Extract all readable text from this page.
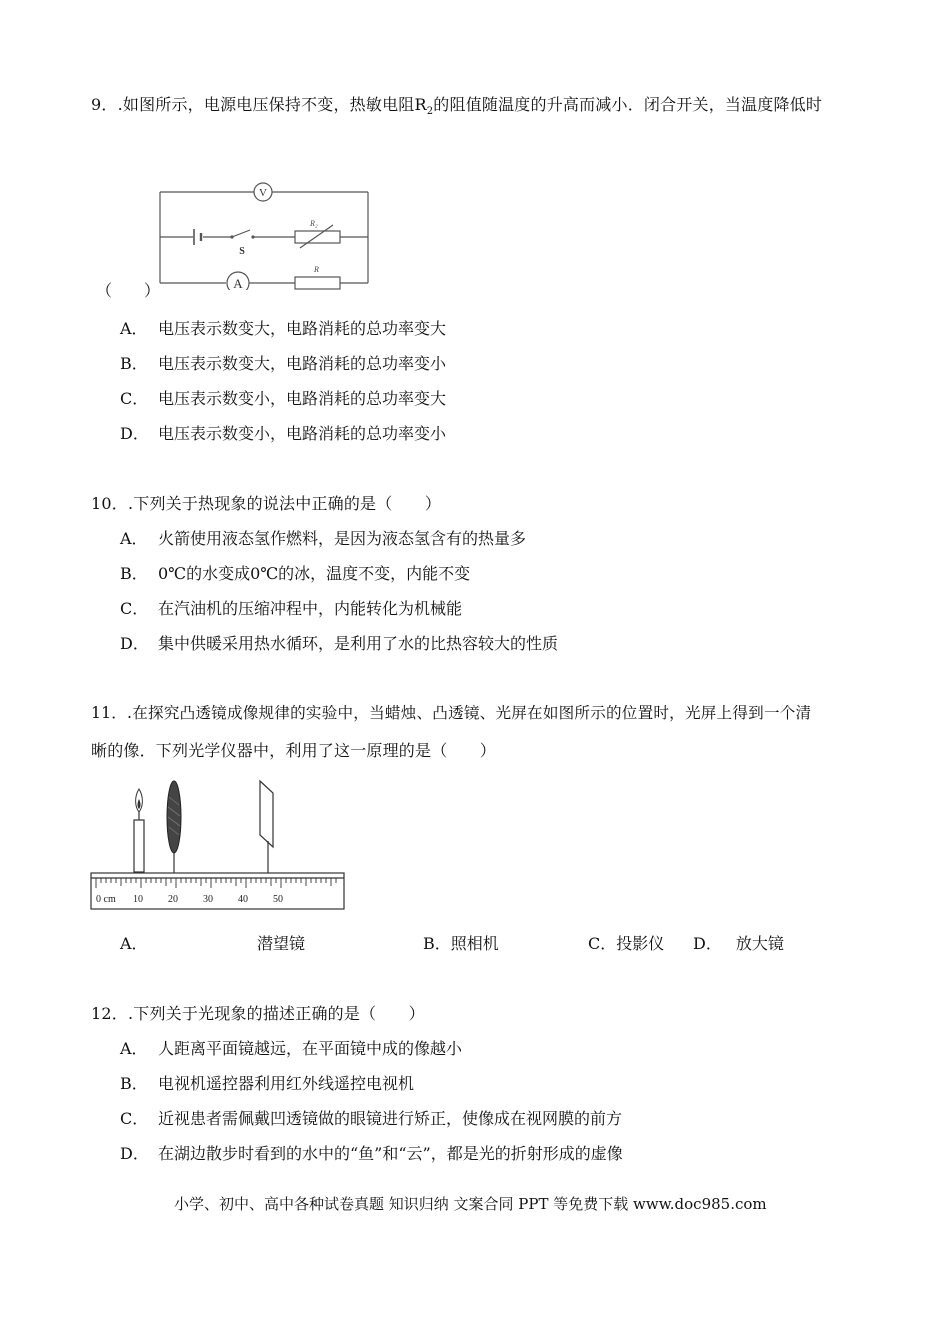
9．.如图所示，电源电压保持不变，热敏电阻$R_2$的阻值随温度的升高而减小．闭合开关，当温度降低时
V
A
S
R₂
R
（　　）
A． 电压表示数变大，电路消耗的总功率变大
B． 电压表示数变大，电路消耗的总功率变小
C． 电压表示数变小，电路消耗的总功率变大
D． 电压表示数变小，电路消耗的总功率变小
10．.下列关于热现象的说法中正确的是（　　）
A． 火箭使用液态氢作燃料，是因为液态氢含有的热量多
B． 0℃的水变成0℃的冰，温度不变，内能不变
C． 在汽油机的压缩冲程中，内能转化为机械能
D． 集中供暖采用热水循环，是利用了水的比热容较大的性质
11．.在探究凸透镜成像规律的实验中，当蜡烛、凸透镜、光屏在如图所示的位置时，光屏上得到一个清
晰的像．下列光学仪器中，利用了这一原理的是（　　）
0 cm 10	20	30	40	50
A．	潜望镜	B．照相机	C．投影仪 D． 放大镜
12．.下列关于光现象的描述正确的是（　　）
A． 人距离平面镜越远，在平面镜中成的像越小
B． 电视机遥控器利用红外线遥控电视机
C． 近视患者需佩戴凹透镜做的眼镜进行矫正，使像成在视网膜的前方
D． 在湖边散步时看到的水中的“鱼”和“云”，都是光的折射形成的虚像
小学、初中、高中各种试卷真题 知识归纳 文案合同 PPT 等免费下载 www.doc985.com
